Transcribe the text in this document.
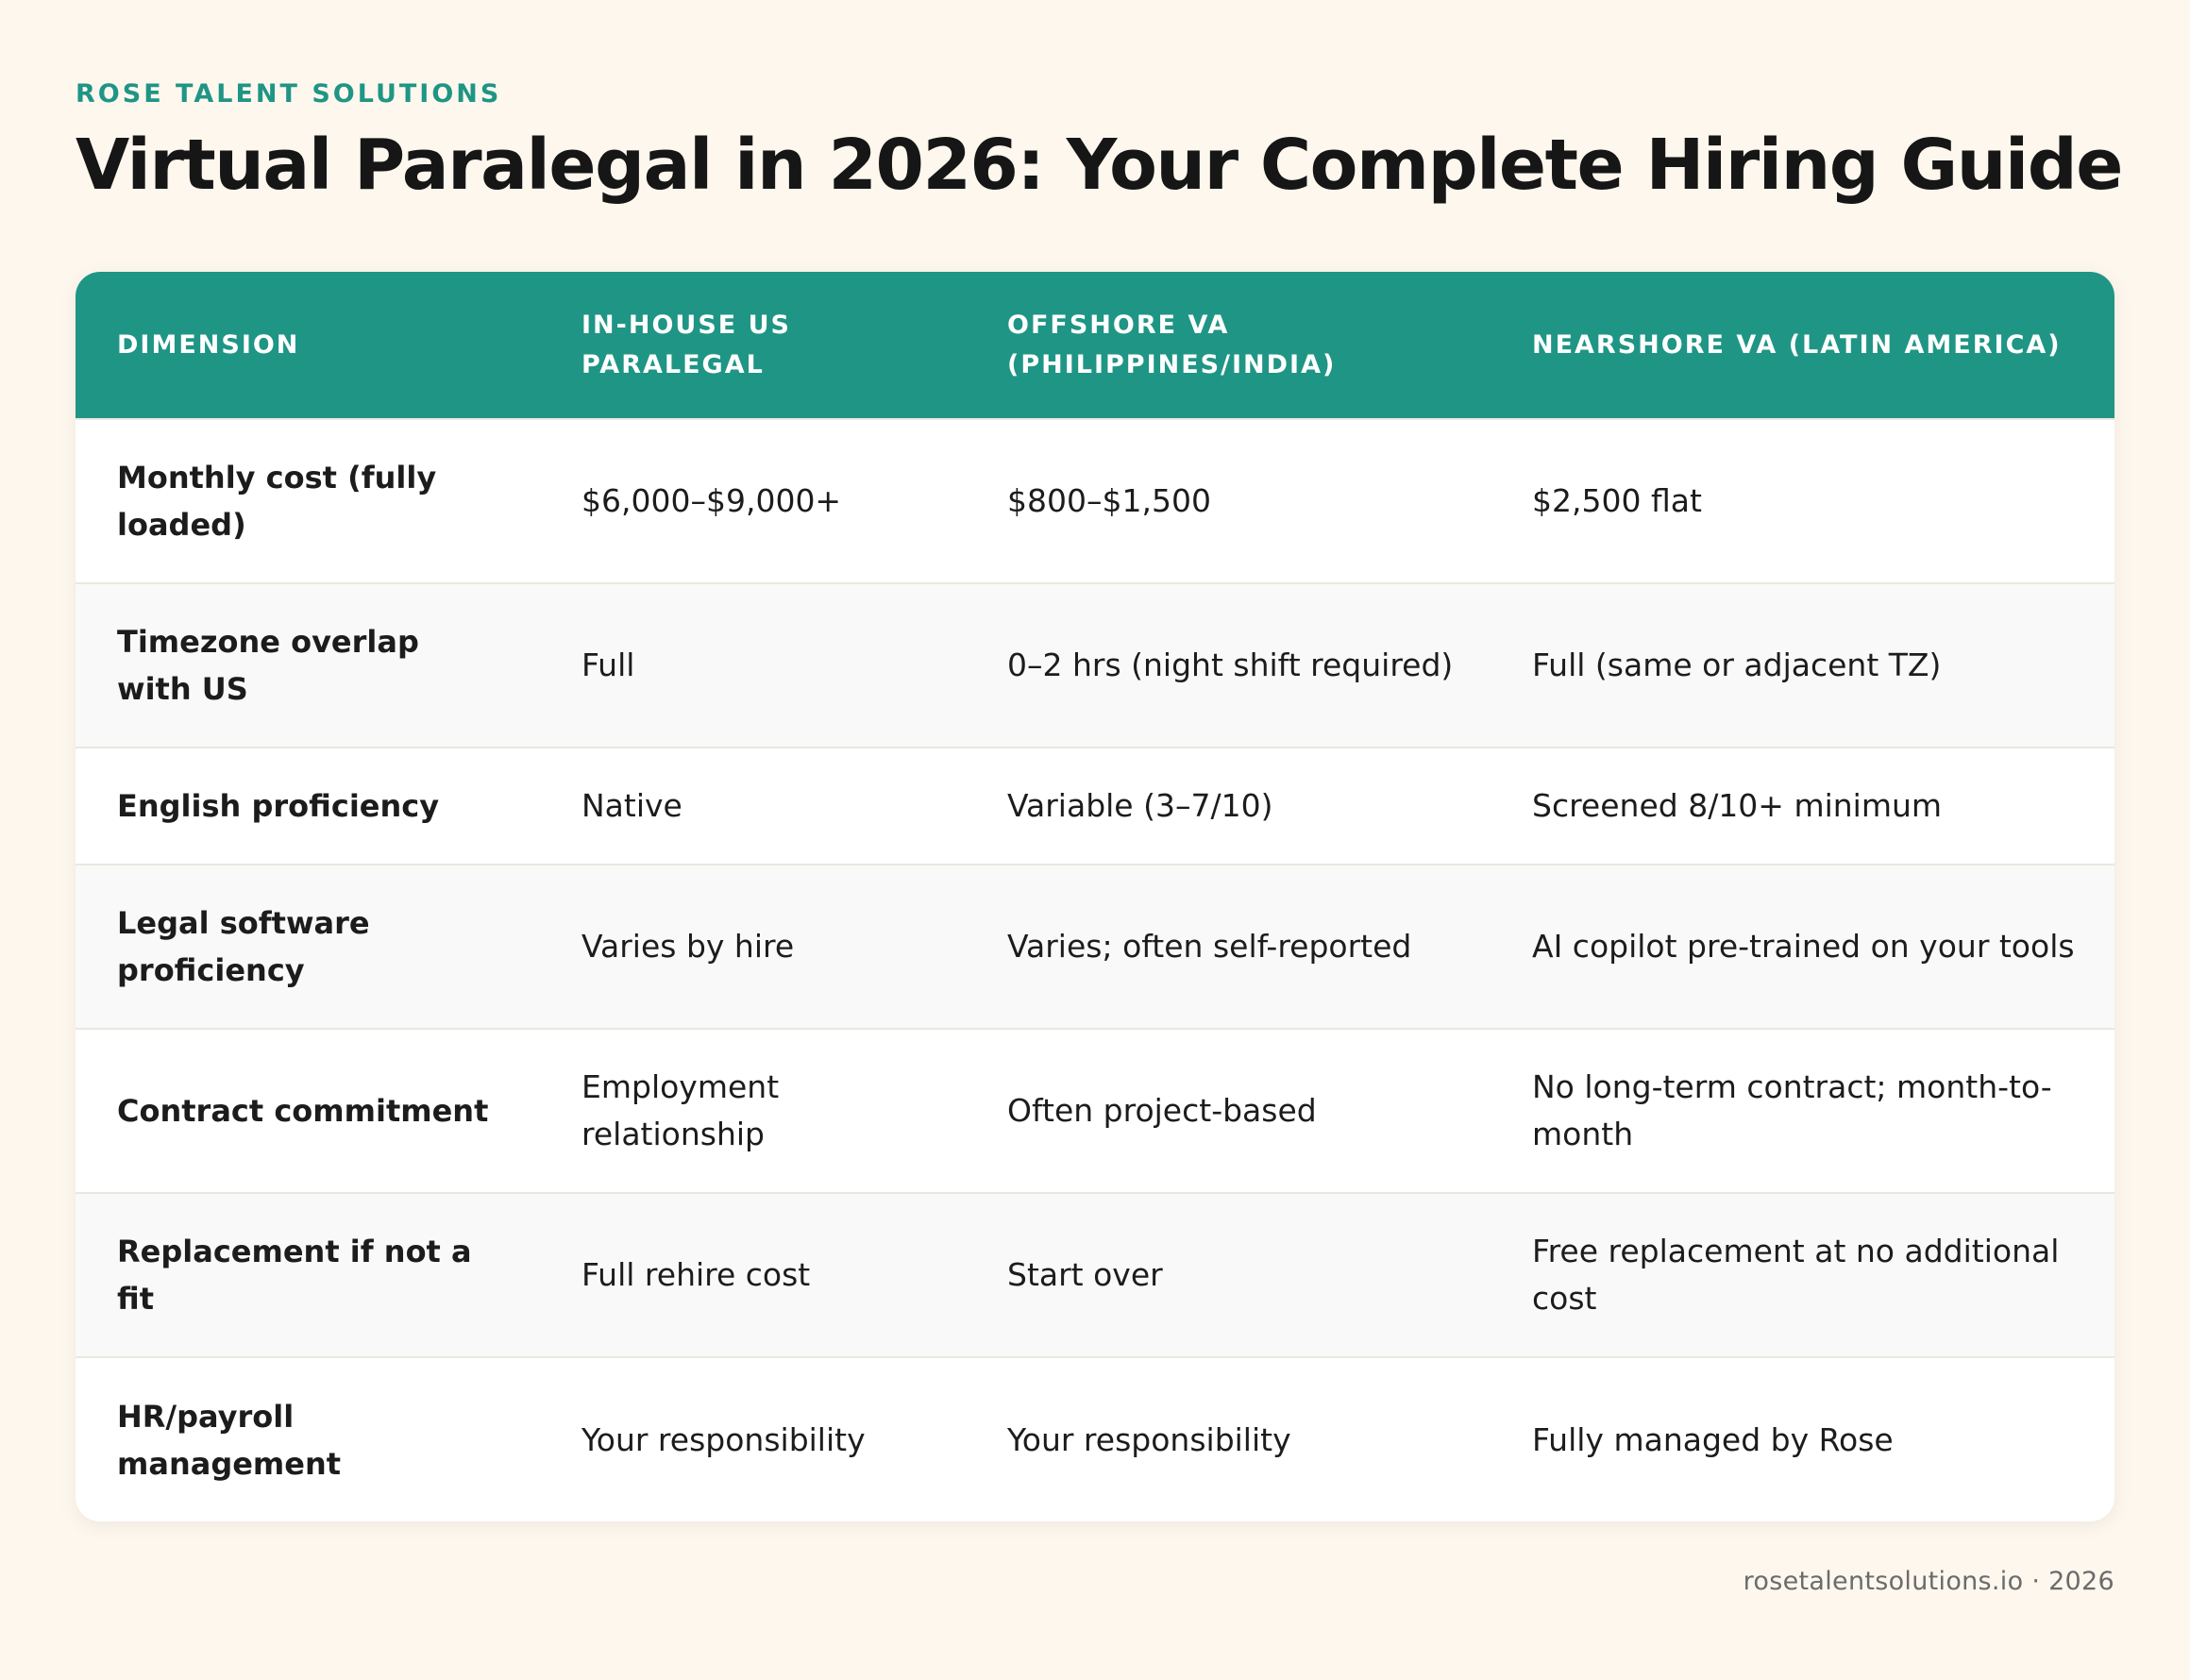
ROSE TALENT SOLUTIONS
Virtual Paralegal in 2026: Your Complete Hiring Guide
DIMENSION	IN-HOUSE US PARALEGAL	OFFSHORE VA (PHILIPPINES/INDIA)	NEARSHORE VA (LATIN AMERICA)
Monthly cost (fully loaded)	$6,000–$9,000+	$800–$1,500	$2,500 flat
Timezone overlap with US	Full	0–2 hrs (night shift required)	Full (same or adjacent TZ)
English proficiency	Native	Variable (3–7/10)	Screened 8/10+ minimum
Legal software proficiency	Varies by hire	Varies; often self-reported	AI copilot pre-trained on your tools
Contract commitment	Employment relationship	Often project-based	No long-term contract; month-to-month
Replacement if not a fit	Full rehire cost	Start over	Free replacement at no additional cost
HR/payroll management	Your responsibility	Your responsibility	Fully managed by Rose
rosetalentsolutions.io · 2026
